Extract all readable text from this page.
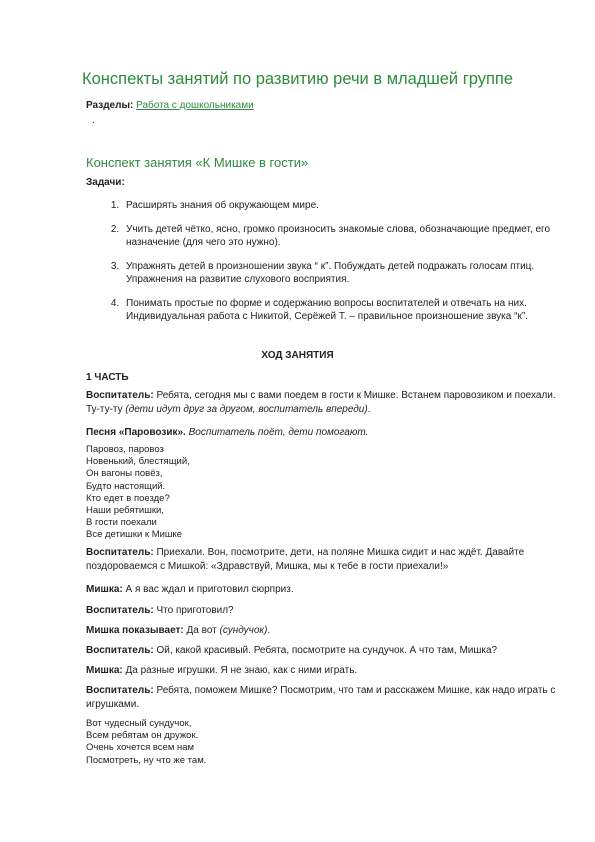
Конспекты занятий по развитию речи в младшей группе
Разделы: Работа с дошкольниками
.
Конспект занятия «К Мишке в гости»
Задачи:
1. Расширять знания об окружающем мире.
2. Учить детей чётко, ясно, громко произносить знакомые слова, обозначающие предмет, его назначение (для чего это нужно).
3. Упражнять детей в произношении звука “ к”. Побуждать детей подражать голосам птиц. Упражнения на развитие слухового восприятия.
4. Понимать простые по форме и содержанию вопросы воспитателей и отвечать на них. Индивидуальная работа с Никитой, Серёжей Т. – правильное произношение звука “к”.
ХОД ЗАНЯТИЯ
1 ЧАСТЬ
Воспитатель: Ребята, сегодня мы с вами поедем в гости к Мишке. Встанем паровозиком и поехали. Ту-ту-ту (дети идут друг за другом, воспитатель впереди).
Песня «Паровозик». Воспитатель поёт, дети помогают.
Паровоз, паровоз
Новенький, блестящий,
Он вагоны повёз,
Будто настоящий.
Кто едет в поезде?
Наши ребятишки,
В гости поехали
Все детишки к Мишке
Воспитатель: Приехали. Вон, посмотрите, дети, на поляне Мишка сидит и нас ждёт. Давайте поздороваемся с Мишкой: «Здравствуй, Мишка, мы к тебе в гости приехали!»
Мишка: А я вас ждал и приготовил сюрприз.
Воспитатель: Что приготовил?
Мишка показывает: Да вот (сундучок).
Воспитатель: Ой, какой красивый. Ребята, посмотрите на сундучок. А что там, Мишка?
Мишка: Да разные игрушки. Я не знаю, как с ними играть.
Воспитатель: Ребята, поможем Мишке? Посмотрим, что там и расскажем Мишке, как надо играть с игрушками.
Вот чудесный сундучок,
Всем ребятам он дружок.
Очень хочется всем нам
Посмотреть, ну что же там.
